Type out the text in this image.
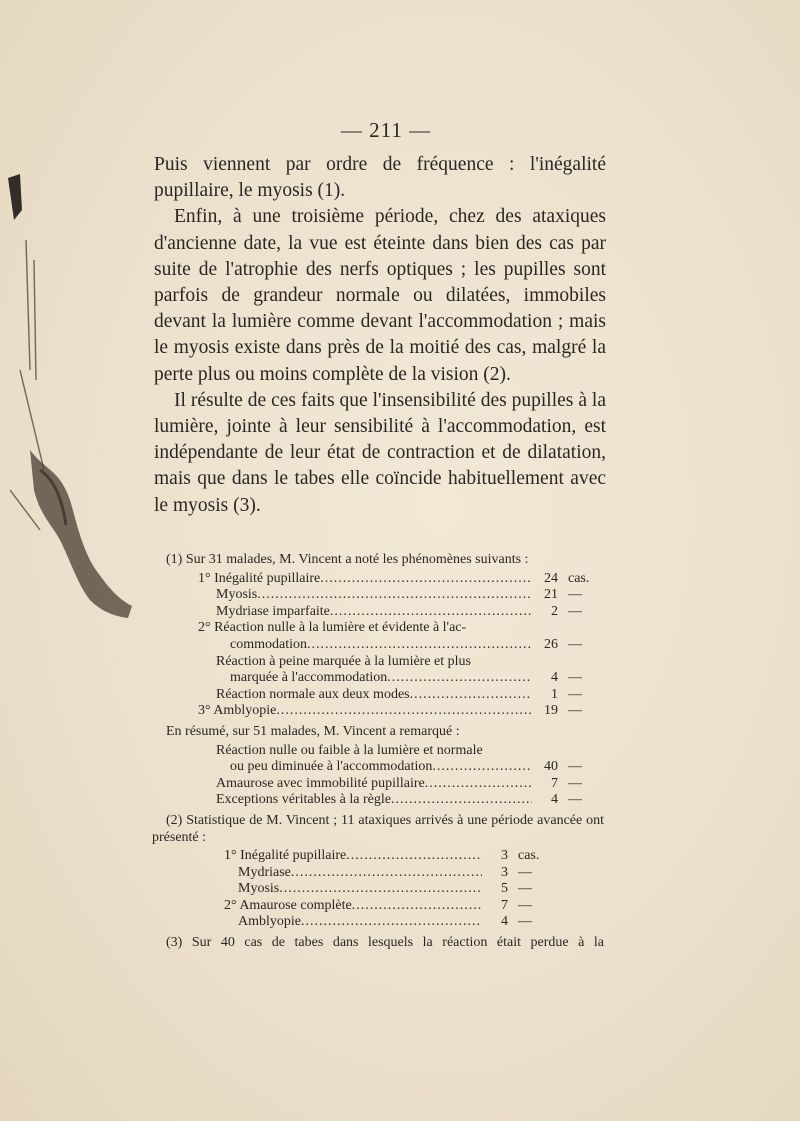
— 211 —

Puis viennent par ordre de fréquence : l'inégalité pupillaire, le myosis (1).

Enfin, à une troisième période, chez des ataxiques d'ancienne date, la vue est éteinte dans bien des cas par suite de l'atrophie des nerfs optiques ; les pupilles sont parfois de grandeur normale ou dilatées, immobiles devant la lumière comme devant l'accommodation ; mais le myosis existe dans près de la moitié des cas, malgré la perte plus ou moins complète de la vision (2).

Il résulte de ces faits que l'insensibilité des pupilles à la lumière, jointe à leur sensibilité à l'accommodation, est indépendante de leur état de contraction et de dilatation, mais que dans le tabes elle coïncide habituellement avec le myosis (3).

(1) Sur 31 malades, M. Vincent a noté les phénomènes suivants :

1° Inégalité pupillaire .....	24 cas.
Myosis .....	21 —
Mydriase imparfaite .....	2 —
2° Réaction nulle à la lumière et évidente à l'ac-
commodation .....	26 —
Réaction à peine marquée à la lumière et plus
marquée à l'accommodation .....	4 —
Réaction normale aux deux modes .....	1 —
3° Amblyopie .....	19 —

En résumé, sur 51 malades, M. Vincent a remarqué :

Réaction nulle ou faible à la lumière et normale
ou peu diminuée à l'accommodation .....	40 —
Amaurose avec immobilité pupillaire .....	7 —
Exceptions véritables à la règle .....	4 —

(2) Statistique de M. Vincent ; 11 ataxiques arrivés à une période avancée ont présenté :

1° Inégalité pupillaire .....	3 cas.
Mydriase .....	3 —
Myosis .....	5 —
2° Amaurose complète .....	7 —
Amblyopie .....	4 —

(3) Sur 40 cas de tabes dans lesquels la réaction était perdue à la
